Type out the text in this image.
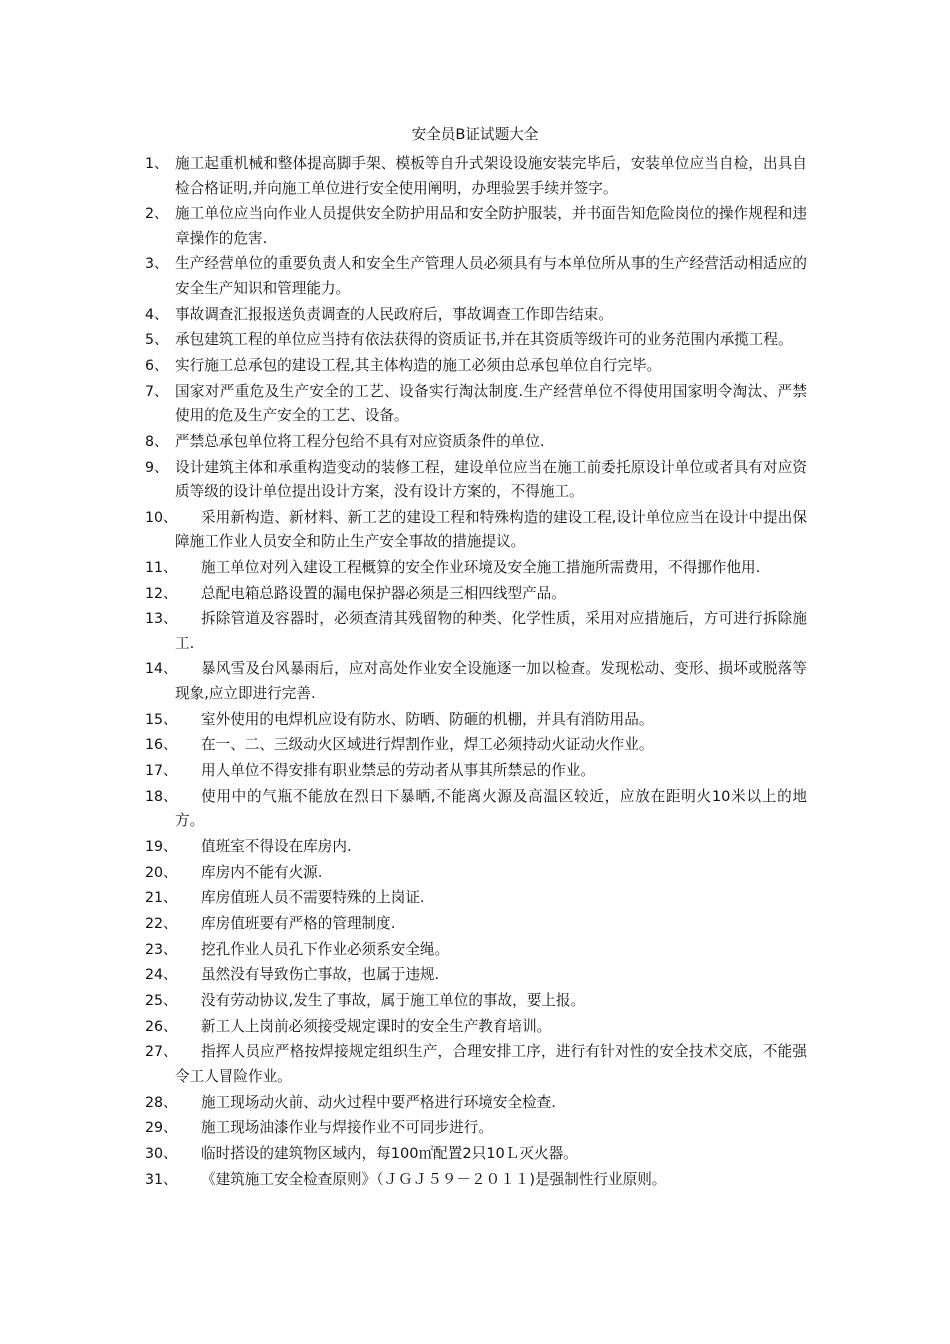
安全员B证试题大全
1、 施工起重机械和整体提高脚手架、模板等自升式架设设施安装完毕后，安装单位应当自检，出具自检合格证明,并向施工单位进行安全使用阐明，办理验罢手续并签字。
2、 施工单位应当向作业人员提供安全防护用品和安全防护服装，并书面告知危险岗位的操作规程和违章操作的危害.
3、 生产经营单位的重要负责人和安全生产管理人员必须具有与本单位所从事的生产经营活动相适应的安全生产知识和管理能力。
4、 事故调查汇报报送负责调查的人民政府后，事故调查工作即告结束。
5、 承包建筑工程的单位应当持有依法获得的资质证书,并在其资质等级许可的业务范围内承揽工程。
6、 实行施工总承包的建设工程,其主体构造的施工必须由总承包单位自行完毕。
7、 国家对严重危及生产安全的工艺、设备实行淘汰制度.生产经营单位不得使用国家明令淘汰、严禁使用的危及生产安全的工艺、设备。
8、 严禁总承包单位将工程分包给不具有对应资质条件的单位.
9、 设计建筑主体和承重构造变动的装修工程，建设单位应当在施工前委托原设计单位或者具有对应资质等级的设计单位提出设计方案，没有设计方案的，不得施工。
10、	采用新构造、新材料、新工艺的建设工程和特殊构造的建设工程,设计单位应当在设计中提出保障施工作业人员安全和防止生产安全事故的措施提议。
11、	施工单位对列入建设工程概算的安全作业环境及安全施工措施所需费用，不得挪作他用.
12、	总配电箱总路设置的漏电保护器必须是三相四线型产品。
13、	拆除管道及容器时，必须查清其残留物的种类、化学性质，采用对应措施后，方可进行拆除施工.
14、	暴风雪及台风暴雨后，应对高处作业安全设施逐一加以检查。发现松动、变形、损坏或脱落等现象,应立即进行完善.
15、	室外使用的电焊机应设有防水、防晒、防砸的机棚，并具有消防用品。
16、	在一、二、三级动火区域进行焊割作业，焊工必须持动火证动火作业。
17、	用人单位不得安排有职业禁忌的劳动者从事其所禁忌的作业。
18、	使用中的气瓶不能放在烈日下暴晒,不能离火源及高温区较近，应放在距明火10米以上的地方。
19、	值班室不得设在库房内.
20、	库房内不能有火源.
21、	库房值班人员不需要特殊的上岗证.
22、	库房值班要有严格的管理制度.
23、	挖孔作业人员孔下作业必须系安全绳。
24、	虽然没有导致伤亡事故，也属于违规.
25、	没有劳动协议,发生了事故，属于施工单位的事故，要上报。
26、	新工人上岗前必须接受规定课时的安全生产教育培训。
27、	指挥人员应严格按焊接规定组织生产，合理安排工序，进行有针对性的安全技术交底，不能强令工人冒险作业。
28、	施工现场动火前、动火过程中要严格进行环境安全检查.
29、	施工现场油漆作业与焊接作业不可同步进行。
30、	临时搭设的建筑物区域内，每100㎡配置2只10Ｌ灭火器。
31、	《建筑施工安全检查原则》（ＪＧＪ５９－２０１１)是强制性行业原则。
